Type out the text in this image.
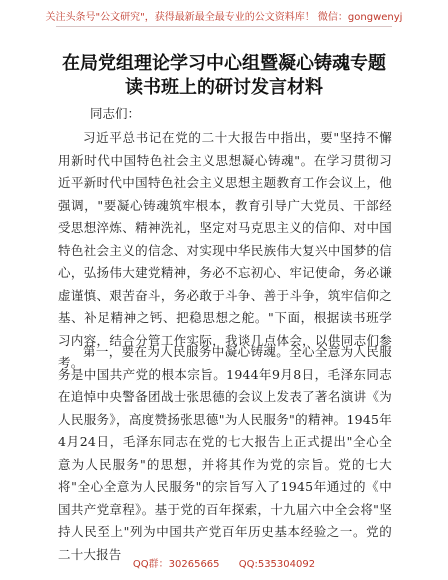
关注头条号"公文研究"，获得最新最全最专业的公文资料库！ 微信：gongwenyj
在局党组理论学习中心组暨凝心铸魂专题读书班上的研讨发言材料
同志们：
习近平总书记在党的二十大报告中指出，要"坚持不懈用新时代中国特色社会主义思想凝心铸魂"。在学习贯彻习近平新时代中国特色社会主义思想主题教育工作会议上，他强调，"要凝心铸魂筑牢根本，教育引导广大党员、干部经受思想淬炼、精神洗礼，坚定对马克思主义的信仰、对中国特色社会主义的信念、对实现中华民族伟大复兴中国梦的信心，弘扬伟大建党精神，务必不忘初心、牢记使命，务必谦虚谨慎、艰苦奋斗，务必敢于斗争、善于斗争，筑牢信仰之基、补足精神之钙、把稳思想之舵。"下面，根据读书班学习内容，结合分管工作实际，我谈几点体会，以供同志们参考。
第一，要在为人民服务中凝心铸魂。全心全意为人民服务是中国共产党的根本宗旨。1944年9月8日，毛泽东同志在追悼中央警备团战士张思德的会议上发表了著名演讲《为人民服务》，高度赞扬张思德"为人民服务"的精神。1945年4月24日，毛泽东同志在党的七大报告上正式提出"全心全意为人民服务"的思想，并将其作为党的宗旨。党的七大将"全心全意为人民服务"的宗旨写入了1945年通过的《中国共产党章程》。基于党的百年探索，十九届六中全会将"坚持人民至上"列为中国共产党百年历史基本经验之一。党的二十大报告
QQ群：30265665 QQ:535304092
